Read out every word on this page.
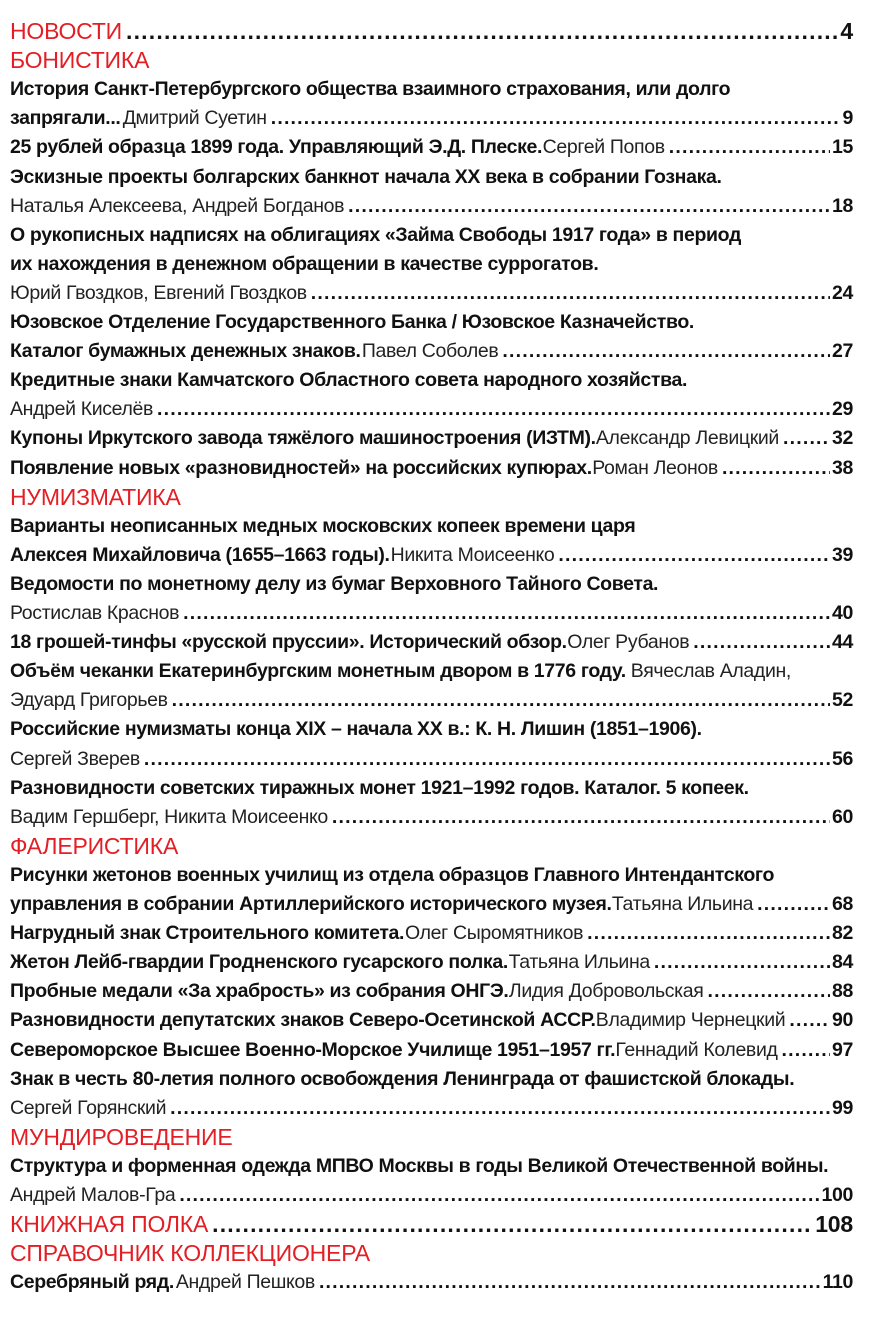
НОВОСТИ .....	4
БОНИСТИКА
История Санкт-Петербургского общества взаимного страхования, или долго
запрягали... Дмитрий Суетин .....	9
25 рублей образца 1899 года. Управляющий Э.Д. Плеске. Сергей Попов .....	15
Эскизные проекты болгарских банкнот начала XX века в собрании Гознака.
Наталья Алексеева, Андрей Богданов .....	18
О рукописных надписях на облигациях «Займа Свободы 1917 года» в период
их нахождения в денежном обращении в качестве суррогатов.
Юрий Гвоздков, Евгений Гвоздков .....	24
Юзовское Отделение Государственного Банка / Юзовское Казначейство.
Каталог бумажных денежных знаков. Павел Соболев .....	27
Кредитные знаки Камчатского Областного совета народного хозяйства.
Андрей Киселёв .....	29
Купоны Иркутского завода тяжёлого машиностроения (ИЗТМ). Александр Левицкий .....	32
Появление новых «разновидностей» на российских купюрах. Роман Леонов .....	38
НУМИЗМАТИКА
Варианты неописанных медных московских копеек времени царя
Алексея Михайловича (1655–1663 годы). Никита Моисеенко .....	39
Ведомости по монетному делу из бумаг Верховного Тайного Совета.
Ростислав Краснов .....	40
18 грошей-тинфы «русской пруссии». Исторический обзор. Олег Рубанов .....	44
Объём чеканки Екатеринбургским монетным двором в 1776 году. Вячеслав Аладин,
Эдуард Григорьев .....	52
Российские нумизматы конца XIX – начала XX в.: К. Н. Лишин (1851–1906).
Сергей Зверев .....	56
Разновидности советских тиражных монет 1921–1992 годов. Каталог. 5 копеек.
Вадим Гершберг, Никита Моисеенко .....	60
ФАЛЕРИСТИКА
Рисунки жетонов военных училищ из отдела образцов Главного Интендантского
управления в собрании Артиллерийского исторического музея. Татьяна Ильина .....	68
Нагрудный знак Строительного комитета. Олег Сыромятников .....	82
Жетон Лейб-гвардии Гродненского гусарского полка. Татьяна Ильина .....	84
Пробные медали «За храбрость» из собрания ОНГЭ. Лидия Добровольская .....	88
Разновидности депутатских знаков Северо-Осетинской АССР. Владимир Чернецкий ..... 90
Североморское Высшее Военно-Морское Училище 1951–1957 гг. Геннадий Колевид .....	97
Знак в честь 80-летия полного освобождения Ленинграда от фашистской блокады.
Сергей Горянский .....	99
МУНДИРОВЕДЕНИЕ
Структура и форменная одежда МПВО Москвы в годы Великой Отечественной войны.
Андрей Малов-Гра .....	100
КНИЖНАЯ ПОЛКА .....	108
СПРАВОЧНИК КОЛЛЕКЦИОНЕРА
Серебряный ряд. Андрей Пешков .....	110
